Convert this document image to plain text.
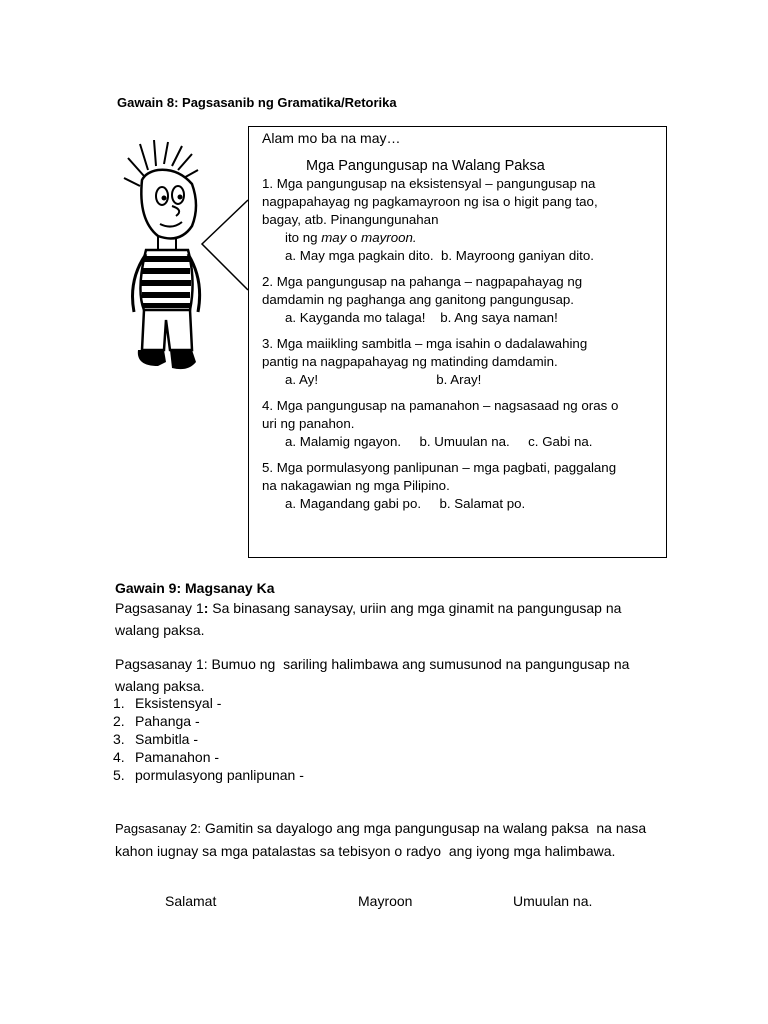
Gawain 8: Pagsasanib ng Gramatika/Retorika
Alam mo ba na may…
Mga Pangungusap na Walang Paksa
1. Mga pangungusap na eksistensyal – pangungusap na
nagpapahayag ng pagkamayroon ng isa o higit pang tao,
bagay, atb. Pinangungunahan
ito ng may o mayroon.
a. May mga pagkain dito.  b. Mayroong ganiyan dito.
2. Mga pangungusap na pahanga – nagpapahayag ng
damdamin ng paghanga ang ganitong pangungusap.
a. Kayganda mo talaga!    b. Ang saya naman!
3. Mga maiikling sambitla – mga isahin o dadalawahing
pantig na nagpapahayag ng matinding damdamin.
a. Ay!                                b. Aray!
4. Mga pangungusap na pamanahon – nagsasaad ng oras o
uri ng panahon.
a. Malamig ngayon.     b. Umuulan na.     c. Gabi na.
5. Mga pormulasyong panlipunan – mga pagbati, paggalang
na nakagawian ng mga Pilipino.
a. Magandang gabi po.     b. Salamat po.
Gawain 9: Magsanay Ka
Pagsasanay 1: Sa binasang sanaysay, uriin ang mga ginamit na pangungusap na walang paksa.
Pagsasanay 1: Bumuo ng  sariling halimbawa ang sumusunod na pangungusap na walang paksa.
1. Eksistensyal -
2. Pahanga -
3. Sambitla -
4. Pamanahon -
5. pormulasyong panlipunan -
Pagsasanay 2: Gamitin sa dayalogo ang mga pangungusap na walang paksa  na nasa kahon iugnay sa mga patalastas sa tebisyon o radyo  ang iyong mga halimbawa.
Salamat	Mayroon	Umuulan na.
